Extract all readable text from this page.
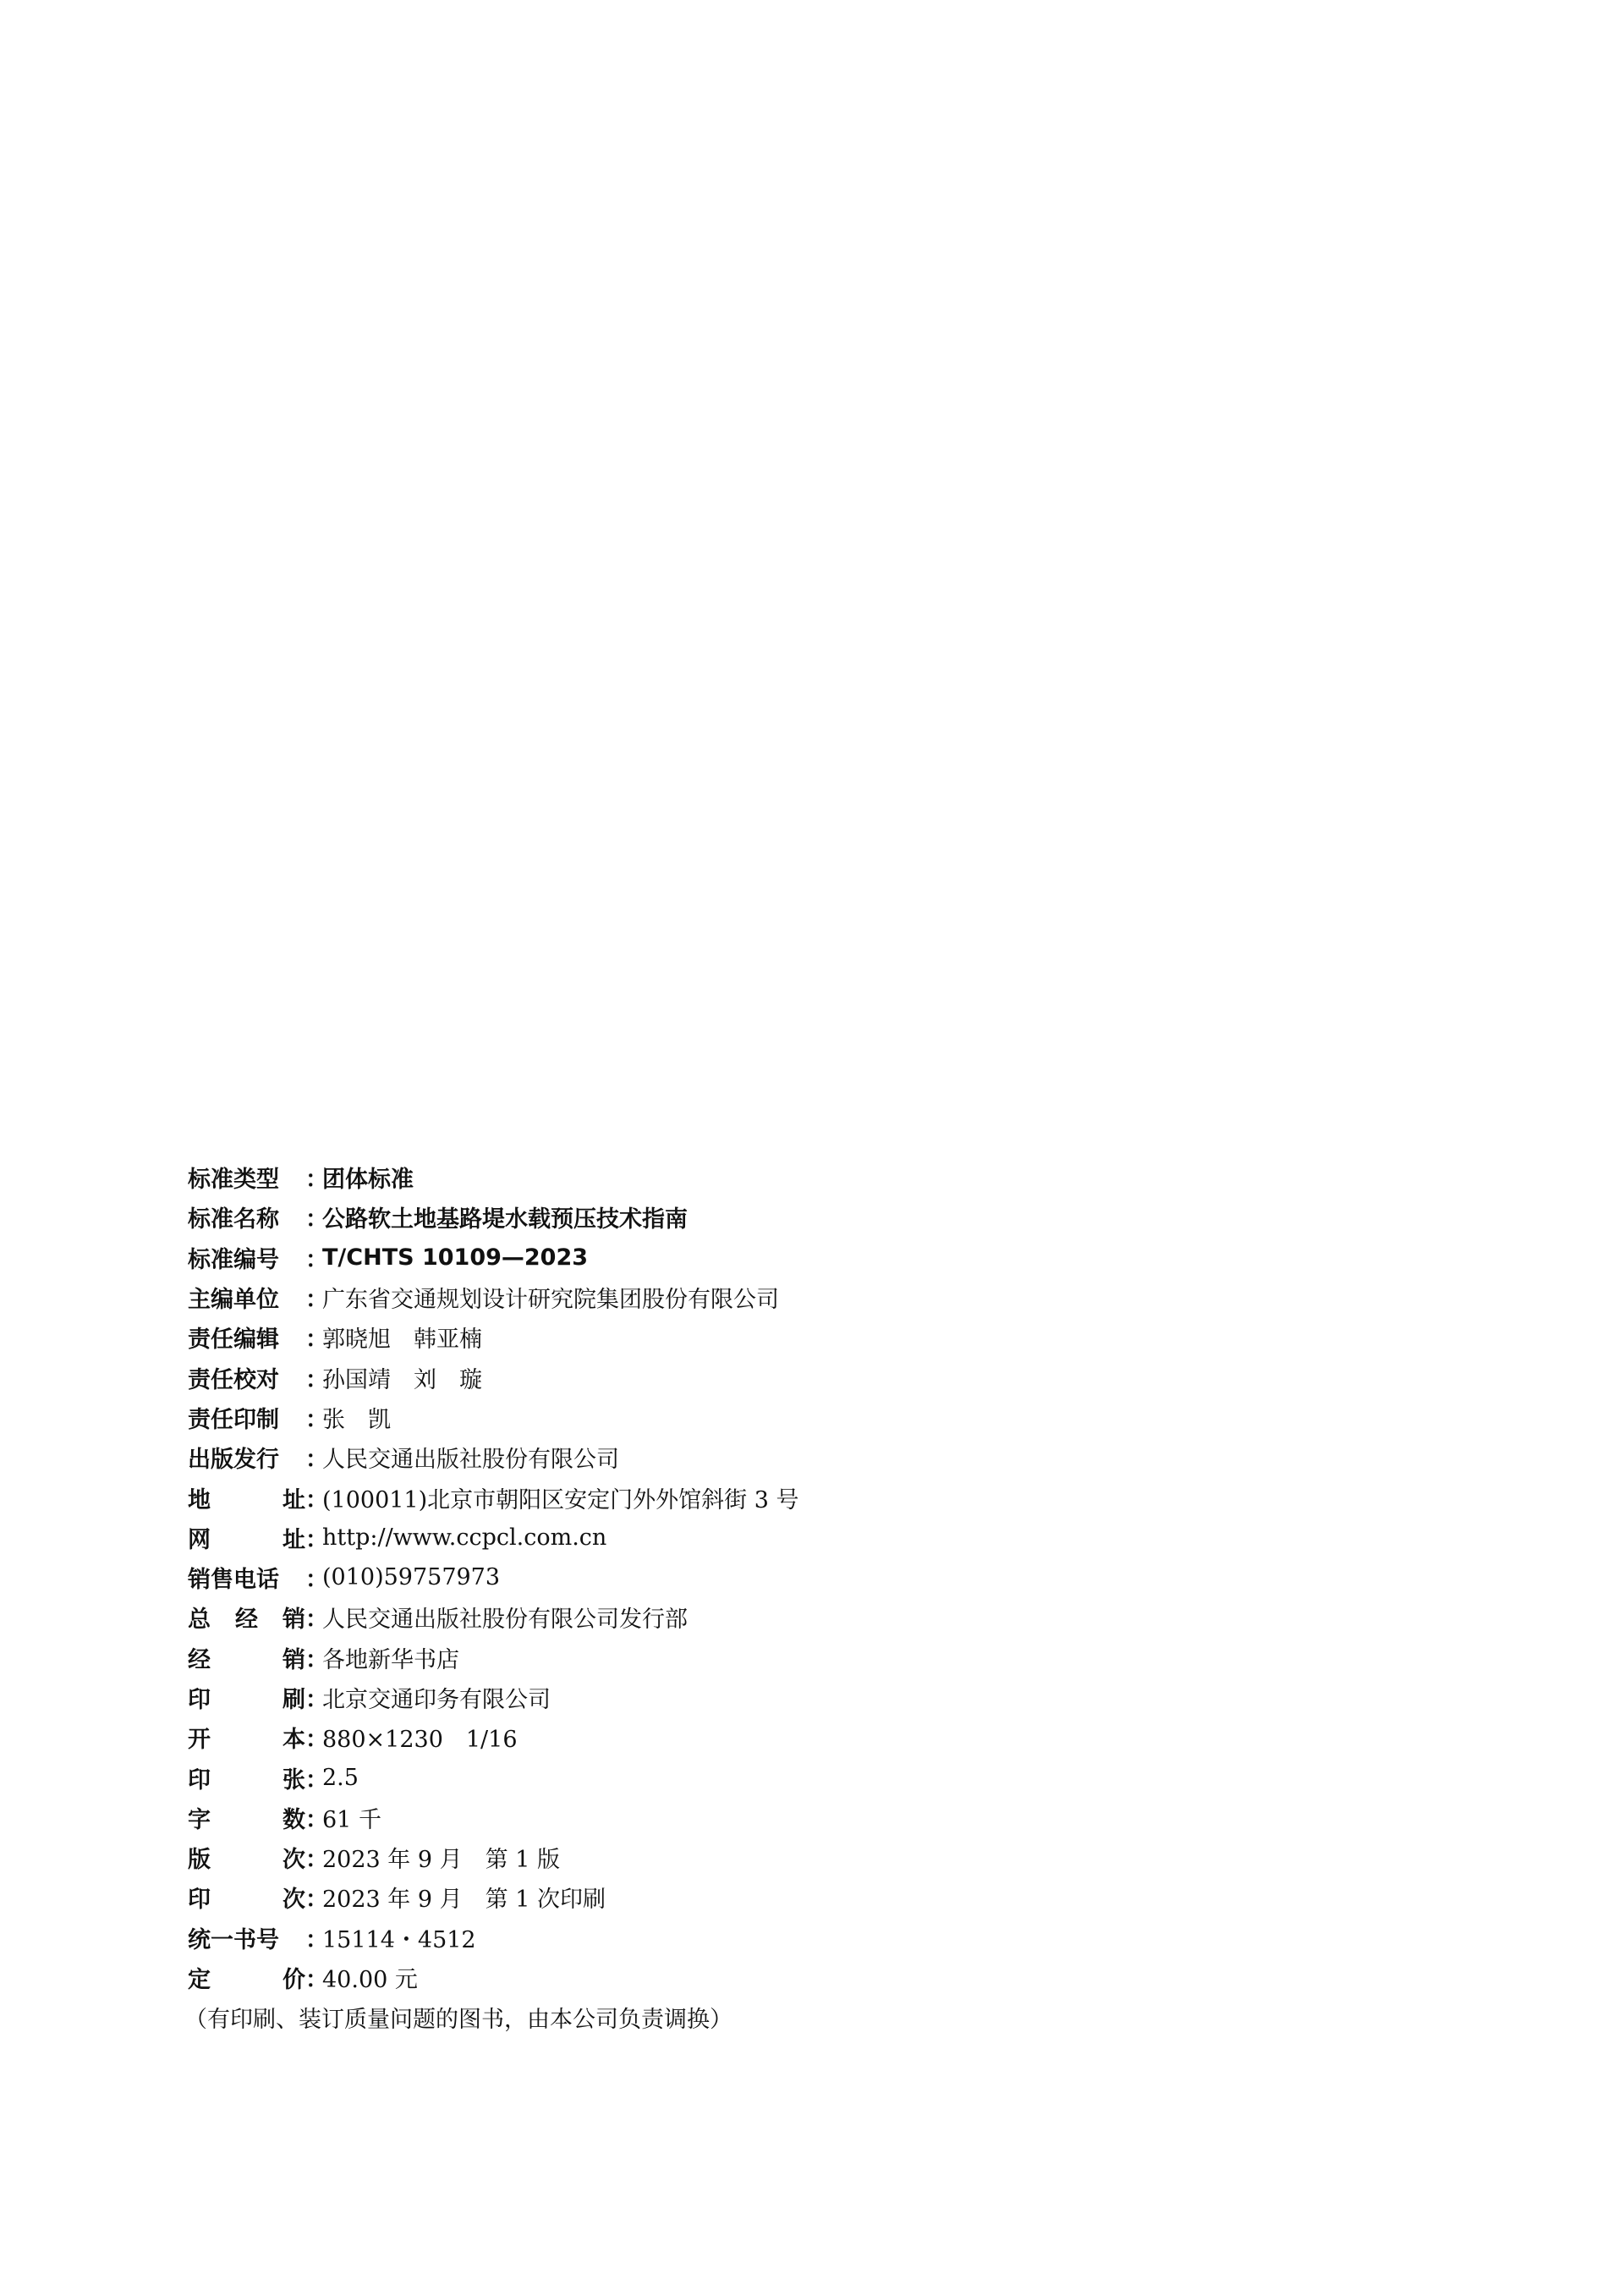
标准类型 ：
团体标准
标准名称 ：
公路软土地基路堤水载预压技术指南
标准编号 ：
T/CHTS 10109—2023
主编单位 ：
广东省交通规划设计研究院集团股份有限公司
责任编辑 ：
郭晓旭　韩亚楠
责任校对 ：
孙国靖　刘　璇
责任印制 ：
张　凯
出版发行 ：
人民交通出版社股份有限公司
地	址 ：
(100011)北京市朝阳区安定门外外馆斜街 3 号
网	址 ：
http://www.ccpcl.com.cn
销售电话 ：
(010)59757973
总 经 销 ：
人民交通出版社股份有限公司发行部
经	销 ：
各地新华书店
印	刷 ：
北京交通印务有限公司
开	本 ：
880×1230　1/16
印	张 ：
2.5
字	数 ：
61 千
版	次 ：
2023 年 9 月　第 1 版
印	次 ：
2023 年 9 月　第 1 次印刷
统一书号 ：
15114・4512
定	价 ：
40.00 元
（有印刷、装订质量问题的图书，由本公司负责调换）
